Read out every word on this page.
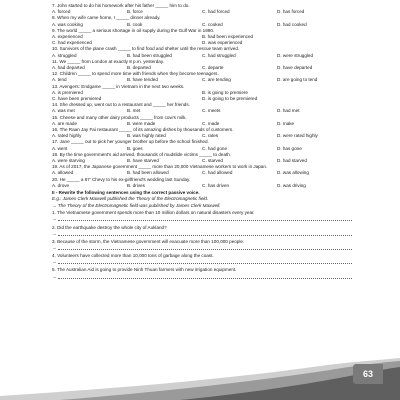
7. John started to do his homework after his father _____ him to do.
A. forced	B. force	C. had forced	D. has forced
8. When my wife came home, I _____ dinner already.
A. was cooking	B. cook	C. cooked	D. had cooked
9. The world _____ a serious shortage in oil supply during the Gulf War in 1990.
A. experienced	B. had been experienced
C. had experienced	D. was experienced
10. Survivors of the plane crash _____ to find food and shelter until the rescue team arrived.
A. struggled	B. had been struggled	C. had struggled	D. were struggled
11. We _____ from London at exactly 8 p.m. yesterday.
A. had departed	B. departed	C. departe	D. have departed
12. Children _____ to spend more time with friends when they become teenagers.
A. tend	B. have tended	C. are tending	D. are going to tend
13. Avengers: Endgame _____ in Vietnam in the next two weeks.
A. is premiered	B. is going to premiere
C. have been premiered	D. is going to be premiered
14. She dressed up, went out to a restaurant and _____ her friends.
A. was met	B. met	C. meets	D. had met
15. Cheese and many other dairy products _____ from cow's milk.
A. are made	B. were made	C. made	D. make
16. The Raan Jay Fai restaurant _____ of its amazing dishes by thousands of customers.
A. rated highly	B. was highly rated	C. rates	D. were rated highly
17. Jane _____ out to pick her younger brother up before the school finished.
A. went	B. goes	C. had gone	D. has gone
18. By the time government's aid arrived, thousands of mudslide victims _____ to death.
A. were starving	B. have starved	C. starved	D. had starved
19. As of 2017, the Japanese government _____ more than 20,000 Vietnamese workers to work in Japan.
A. allowed	B. had been allowed	C. had allowed	D. was allowing
20. He _____ a 67' Chevy to his ex-girlfriend's wedding last Sunday.
A. drove	B. drives	C. has driven	D. was driving
II - Rewrite the following sentences using the correct passive voice.
E.g.: James Clerk Maxwell published the Theory of the Electromagnetic field.
→ The Theory of the Electromagnetic field was published by James Clerk Maxwell.
1. The Vietnamese government spends more than 10 million dollars on natural disasters every year.
→
2. Did the earthquake destroy the whole city of Aukland?
→
3. Because of the storm, the Vietnamese government will evacuate more than 100,000 people.
→
4. Volunteers have collected more than 10,000 tons of garbage along the coast.
→
5. The Australian Aid is going to provide Ninh Thuan farmers with new irrigation equipment.
→
63
